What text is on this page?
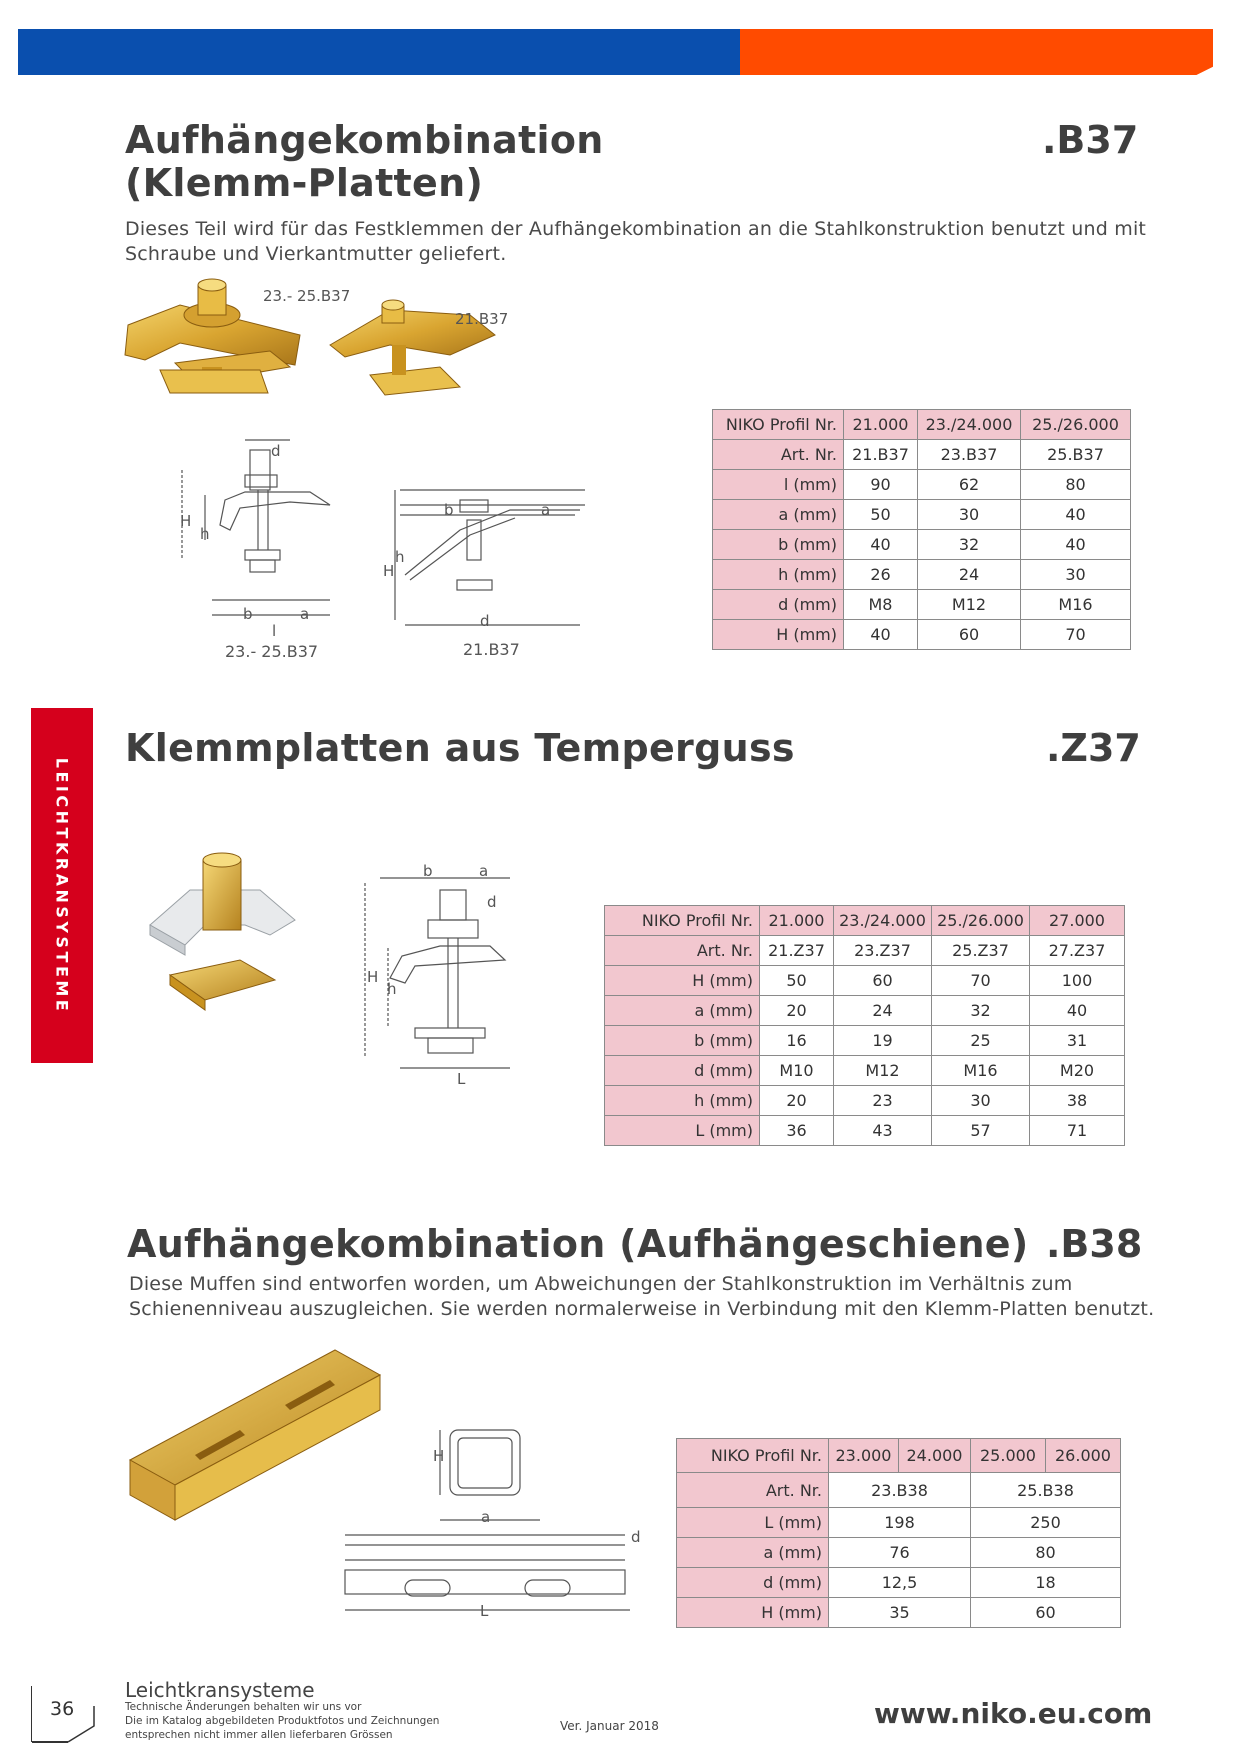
LEICHTKRANSYSTEME
Aufhängekombination
(Klemm-Platten)
.B37
Dieses Teil wird für das Festklemmen der Aufhängekombination an die Stahlkonstruktion benutzt und mit
Schraube und Vierkantmutter geliefert.
23.- 25.B37
21.B37
d
H
h
b	a
l
b	a
H
h
d
23.- 25.B37	21.B37
NIKO Profil Nr.	21.000	23./24.000	25./26.000
Art. Nr.	21.B37	23.B37	25.B37
l (mm)	90	62	80
a (mm)	50	30	40
b (mm)	40	32	40
h (mm)	26	24	30
d (mm)	M8	M12	M16
H (mm)	40	60	70
Klemmplatten aus Temperguss	.Z37
b	a
d
H
h
L
NIKO Profil Nr.	21.000	23./24.000	25./26.000	27.000
Art. Nr.	21.Z37	23.Z37	25.Z37	27.Z37
H (mm)	50	60	70	100
a (mm)	20	24	32	40
b (mm)	16	19	25	31
d (mm)	M10	M12	M16	M20
h (mm)	20	23	30	38
L (mm)	36	43	57	71
Aufhängekombination (Aufhängeschiene) .B38
Diese Muffen sind entworfen worden, um Abweichungen der Stahlkonstruktion im Verhältnis zum
Schienenniveau auszugleichen. Sie werden normalerweise in Verbindung mit den Klemm-Platten benutzt.
H
a
d
L
NIKO Profil Nr.	23.000	24.000	25.000	26.000
Art. Nr.	23.B38		25.B38	
L (mm)	198		250	
a (mm)	76		80	
d (mm)	12,5		18	
H (mm)	35		60	
36
Leichtkransysteme
Technische Änderungen behalten wir uns vor
Die im Katalog abgebildeten Produktfotos und Zeichnungen
entsprechen nicht immer allen lieferbaren Grössen
Ver. Januar 2018	www.niko.eu.com
